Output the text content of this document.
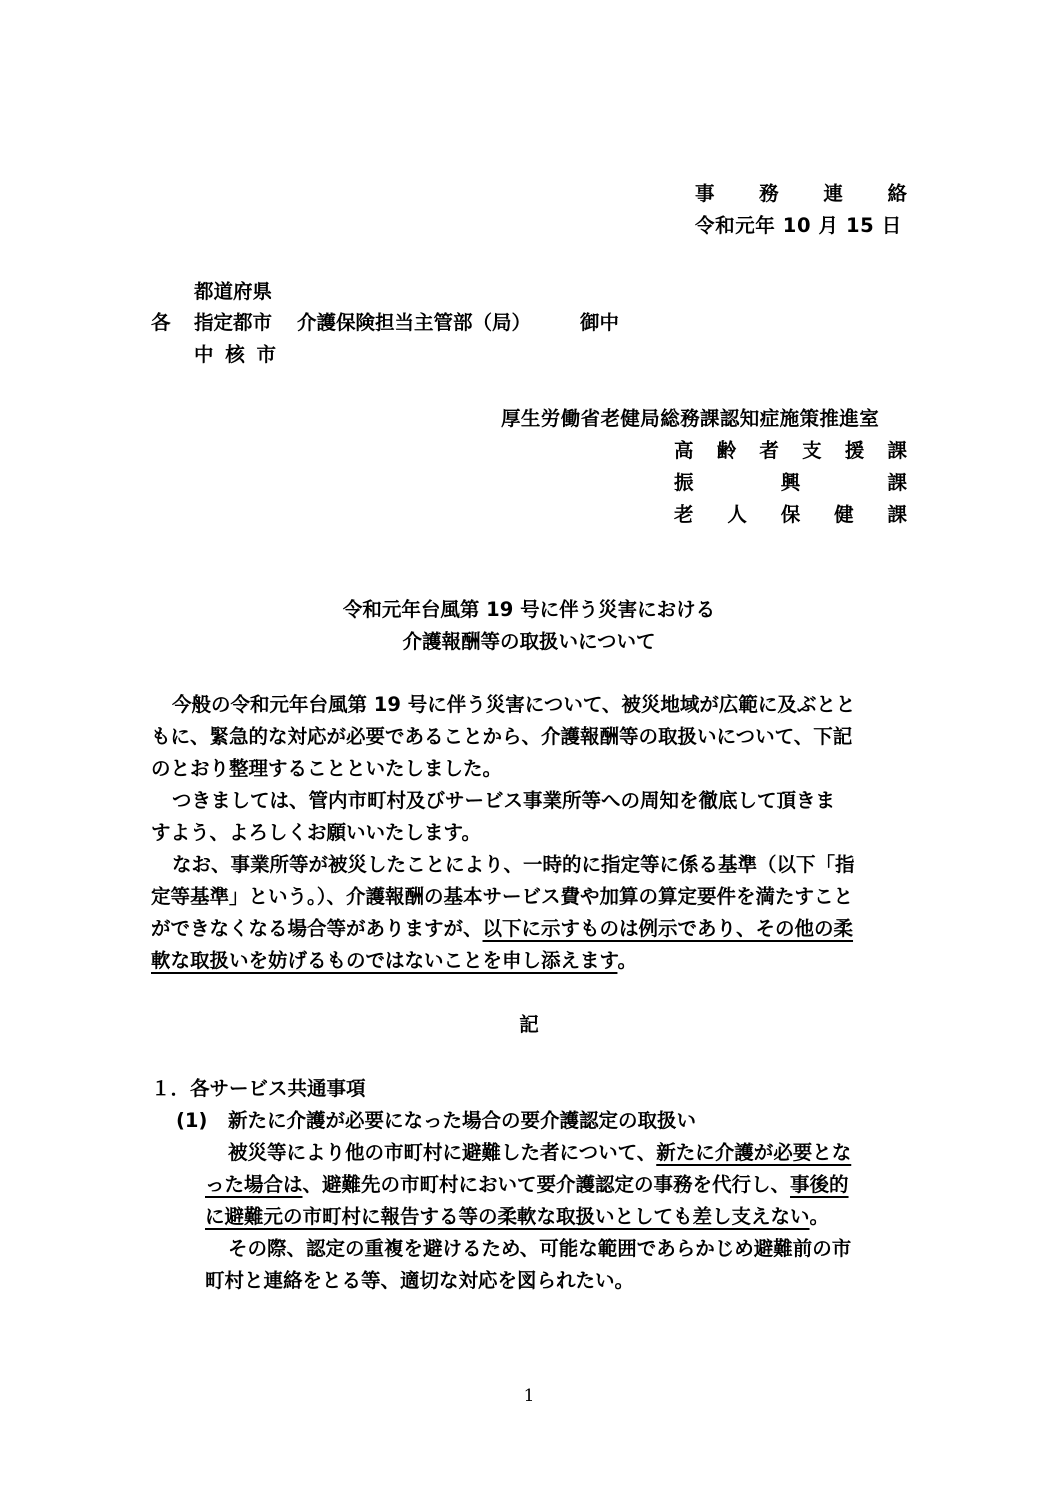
事 務 連 絡
令和元年 10 月 15 日
都道府県
各 指定都市 介護保険担当主管部（局）	御中
中 核 市
厚生労働省老健局総務課認知症施策推進室
高 齢 者 支 援 課
振	興	課
老 人 保 健 課
令和元年台風第 19 号に伴う災害における
介護報酬等の取扱いについて
今般の令和元年台風第 19 号に伴う災害について、被災地域が広範に及ぶとと
もに、緊急的な対応が必要であることから、介護報酬等の取扱いについて、下記
のとおり整理することといたしました。
つきましては、管内市町村及びサービス事業所等への周知を徹底して頂きま
すよう、よろしくお願いいたします。
なお、事業所等が被災したことにより、一時的に指定等に係る基準（以下「指
定等基準」という。）、介護報酬の基本サービス費や加算の算定要件を満たすこと
ができなくなる場合等がありますが、以下に示すものは例示であり、その他の柔
軟な取扱いを妨げるものではないことを申し添えます。
記
１．各サービス共通事項
(1) 新たに介護が必要になった場合の要介護認定の取扱い
被災等により他の市町村に避難した者について、新たに介護が必要とな
った場合は、避難先の市町村において要介護認定の事務を代行し、事後的
に避難元の市町村に報告する等の柔軟な取扱いとしても差し支えない。
その際、認定の重複を避けるため、可能な範囲であらかじめ避難前の市
町村と連絡をとる等、適切な対応を図られたい。
1
